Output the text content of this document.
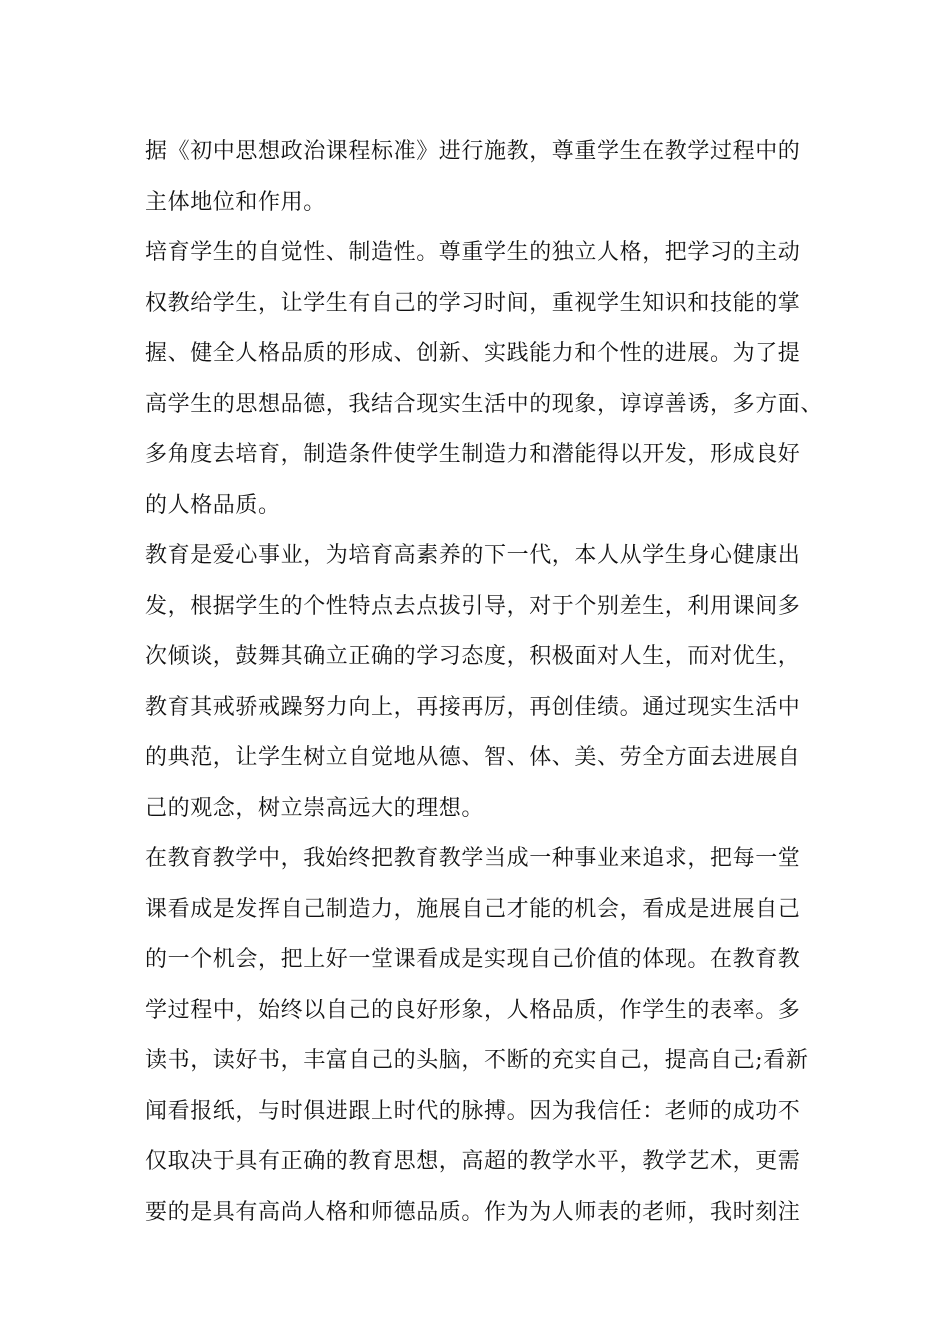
据《初中思想政治课程标准》进行施教，尊重学生在教学过程中的
主体地位和作用。
培育学生的自觉性、制造性。尊重学生的独立人格，把学习的主动
权教给学生，让学生有自己的学习时间，重视学生知识和技能的掌
握、健全人格品质的形成、创新、实践能力和个性的进展。为了提
高学生的思想品德，我结合现实生活中的现象，谆谆善诱，多方面、
多角度去培育，制造条件使学生制造力和潜能得以开发，形成良好
的人格品质。
教育是爱心事业，为培育高素养的下一代，本人从学生身心健康出
发，根据学生的个性特点去点拔引导，对于个别差生，利用课间多
次倾谈，鼓舞其确立正确的学习态度，积极面对人生，而对优生，
教育其戒骄戒躁努力向上，再接再厉，再创佳绩。通过现实生活中
的典范，让学生树立自觉地从德、智、体、美、劳全方面去进展自
己的观念，树立崇高远大的理想。
在教育教学中，我始终把教育教学当成一种事业来追求，把每一堂
课看成是发挥自己制造力，施展自己才能的机会，看成是进展自己
的一个机会，把上好一堂课看成是实现自己价值的体现。在教育教
学过程中，始终以自己的良好形象，人格品质，作学生的表率。多
读书，读好书，丰富自己的头脑，不断的充实自己，提高自己;看新
闻看报纸，与时俱进跟上时代的脉搏。因为我信任：老师的成功不
仅取决于具有正确的教育思想，高超的教学水平，教学艺术，更需
要的是具有高尚人格和师德品质。作为为人师表的老师，我时刻注
